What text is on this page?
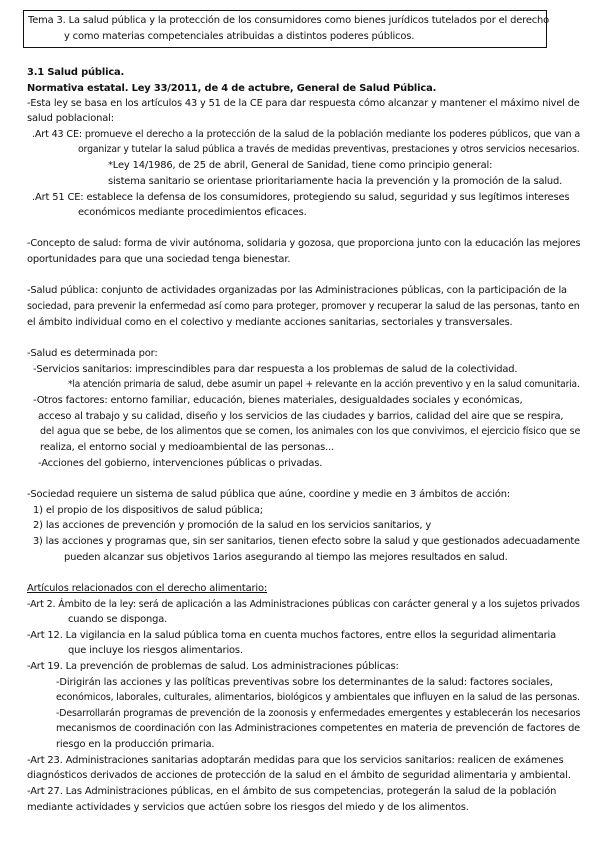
Tema 3. La salud pública y la protección de los consumidores como bienes jurídicos tutelados por el derecho
y como materias competenciales atribuidas a distintos poderes públicos.
3.1 Salud pública.
Normativa estatal. Ley 33/2011, de 4 de actubre, General de Salud Pública.
-Esta ley se basa en los artículos 43 y 51 de la CE para dar respuesta cómo alcanzar y mantener el máximo nivel de
salud poblacional:
.Art 43 CE: promueve el derecho a la protección de la salud de la población mediante los poderes públicos, que van a
organizar y tutelar la salud pública a través de medidas preventivas, prestaciones y otros servicios necesarios.
*Ley 14/1986, de 25 de abril, General de Sanidad, tiene como principio general:
sistema sanitario se orientase prioritariamente hacia la prevención y la promoción de la salud.
.Art 51 CE: establece la defensa de los consumidores, protegiendo su salud, seguridad y sus legítimos intereses
económicos mediante procedimientos eficaces.
-Concepto de salud: forma de vivir autónoma, solidaria y gozosa, que proporciona junto con la educación las mejores
oportunidades para que una sociedad tenga bienestar.
-Salud pública: conjunto de actividades organizadas por las Administraciones públicas, con la participación de la
sociedad, para prevenir la enfermedad así como para proteger, promover y recuperar la salud de las personas, tanto en
el ámbito individual como en el colectivo y mediante acciones sanitarias, sectoriales y transversales.
-Salud es determinada por:
-Servicios sanitarios: imprescindibles para dar respuesta a los problemas de salud de la colectividad.
*la atención primaria de salud, debe asumir un papel + relevante en la acción preventivo y en la salud comunitaria.
-Otros factores: entorno familiar, educación, bienes materiales, desigualdades sociales y económicas,
acceso al trabajo y su calidad, diseño y los servicios de las ciudades y barrios, calidad del aire que se respira,
del agua que se bebe, de los alimentos que se comen, los animales con los que convivimos, el ejercicio físico que se
realiza, el entorno social y medioambiental de las personas...
-Acciones del gobierno, intervenciones públicas o privadas.
-Sociedad requiere un sistema de salud pública que aúne, coordine y medie en 3 ámbitos de acción:
1) el propio de los dispositivos de salud pública;
2) las acciones de prevención y promoción de la salud en los servicios sanitarios, y
3) las acciones y programas que, sin ser sanitarios, tienen efecto sobre la salud y que gestionados adecuadamente
pueden alcanzar sus objetivos 1arios asegurando al tiempo las mejores resultados en salud.
Artículos relacionados con el derecho alimentario:
-Art 2. Ámbito de la ley: será de aplicación a las Administraciones públicas con carácter general y a los sujetos privados
cuando se disponga.
-Art 12. La vigilancia en la salud pública toma en cuenta muchos factores, entre ellos la seguridad alimentaria
que incluye los riesgos alimentarios.
-Art 19. La prevención de problemas de salud. Los administraciones públicas:
-Dirigirán las acciones y las políticas preventivas sobre los determinantes de la salud: factores sociales,
económicos, laborales, culturales, alimentarios, biológicos y ambientales que influyen en la salud de las personas.
-Desarrollarán programas de prevención de la zoonosis y enfermedades emergentes y establecerán los necesarios
mecanismos de coordinación con las Administraciones competentes en materia de prevención de factores de
riesgo en la producción primaria.
-Art 23. Administraciones sanitarias adoptarán medidas para que los servicios sanitarios: realicen de exámenes
diagnósticos derivados de acciones de protección de la salud en el ámbito de seguridad alimentaria y ambiental.
-Art 27. Las Administraciones públicas, en el ámbito de sus competencias, protegerán la salud de la población
mediante actividades y servicios que actúen sobre los riesgos del miedo y de los alimentos.
